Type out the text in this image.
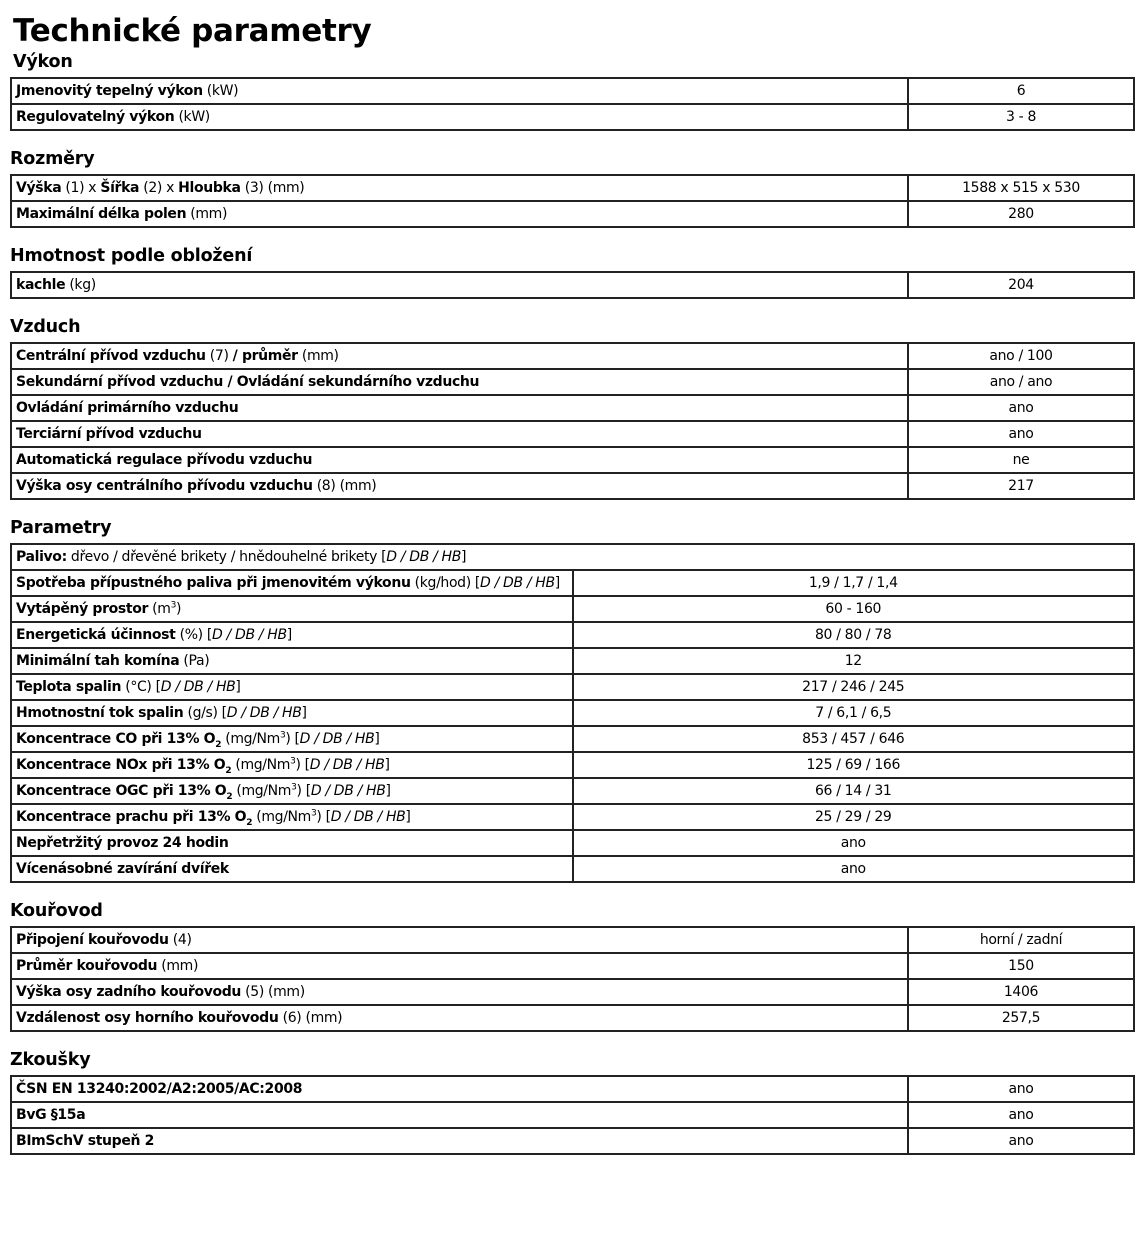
Technické parametry
Výkon
Jmenovitý tepelný výkon (kW)	6
Regulovatelný výkon (kW)	3 - 8
Rozměry
Výška (1) x Šířka (2) x Hloubka (3) (mm)	1588 x 515 x 530
Maximální délka polen (mm)	280
Hmotnost podle obložení
kachle (kg)	204
Vzduch
Centrální přívod vzduchu (7) / průměr (mm)	ano / 100
Sekundární přívod vzduchu / Ovládání sekundárního vzduchu	ano / ano
Ovládání primárního vzduchu	ano
Terciární přívod vzduchu	ano
Automatická regulace přívodu vzduchu	ne
Výška osy centrálního přívodu vzduchu (8) (mm)	217
Parametry
Palivo: dřevo / dřevěné brikety / hnědouhelné brikety [D / DB / HB]	
Spotřeba přípustného paliva při jmenovitém výkonu (kg/hod) [D / DB / HB]	1,9 / 1,7 / 1,4
Vytápěný prostor $(m^3)$	60 - 160
Energetická účinnost (%) [D / DB / HB]	80 / 80 / 78
Minimální tah komína (Pa)	12
Teplota spalin (°C) [D / DB / HB]	217 / 246 / 245
Hmotnostní tok spalin (g/s) [D / DB / HB]	7 / 6,1 / 6,5
Koncentrace CO při 13% $O_2$ (mg/Nm$^3$) [D / DB / HB]	853 / 457 / 646
Koncentrace NOx při 13% $O_2$ (mg/Nm$^3$) [D / DB / HB]	125 / 69 / 166
Koncentrace OGC při 13% $O_2$ (mg/Nm$^3$) [D / DB / HB]	66 / 14 / 31
Koncentrace prachu při 13% $O_2$ (mg/Nm$^3$) [D / DB / HB]	25 / 29 / 29
Nepřetržitý provoz 24 hodin	ano
Vícenásobné zavírání dvířek	ano
Kouřovod
Připojení kouřovodu (4)	horní / zadní
Průměr kouřovodu (mm)	150
Výška osy zadního kouřovodu (5) (mm)	1406
Vzdálenost osy horního kouřovodu (6) (mm)	257,5
Zkoušky
ČSN EN 13240:2002/A2:2005/AC:2008	ano
BvG §15a	ano
BImSchV stupeň 2	ano
